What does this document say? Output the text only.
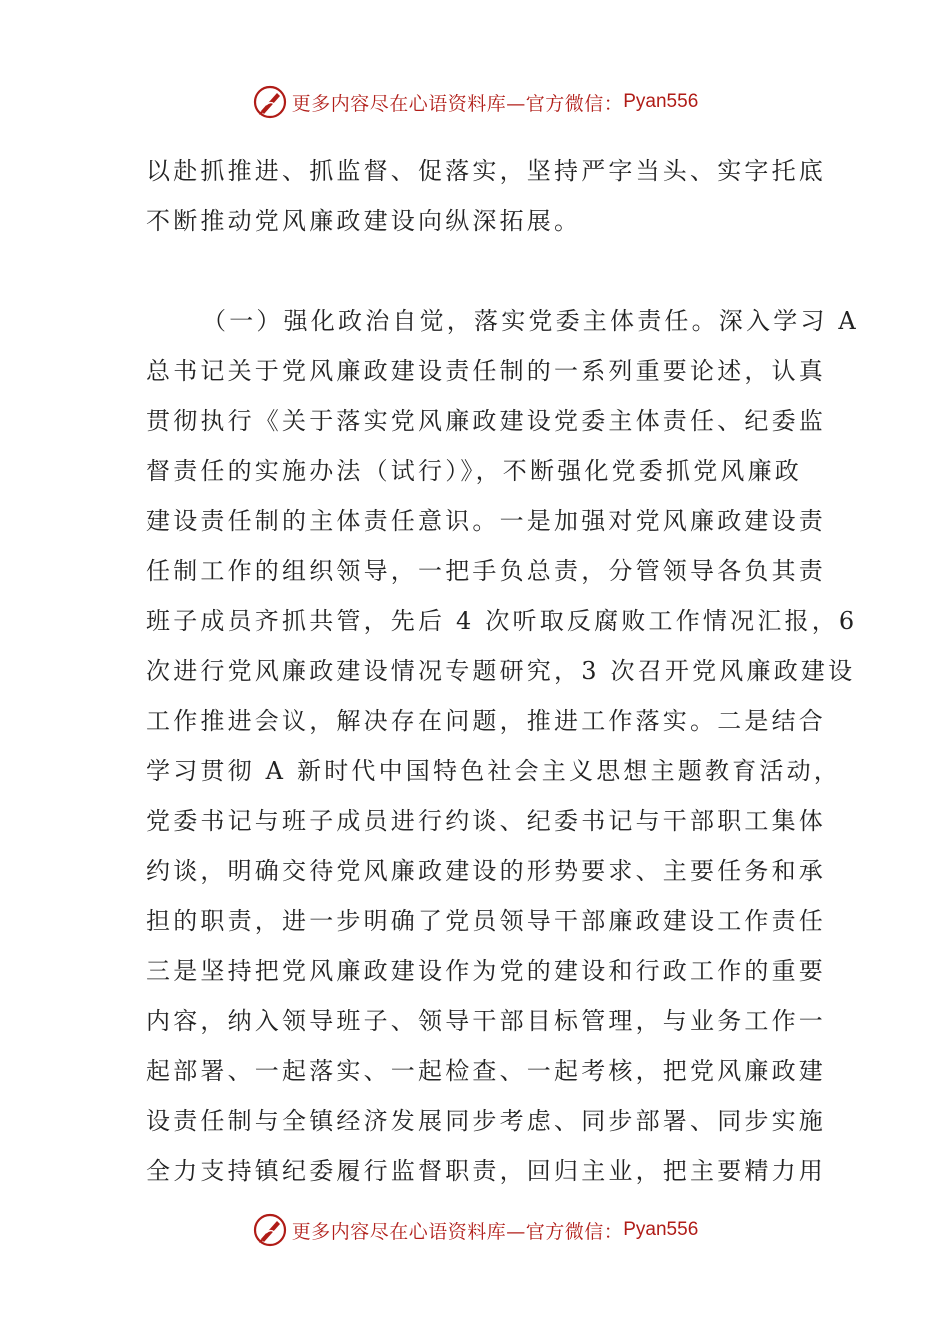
更多内容尽在心语资料库—官方微信： Pyan556
以赴抓推进、抓监督、促落实，坚持严字当头、实字托底
不断推动党风廉政建设向纵深拓展。
（一）强化政治自觉，落实党委主体责任。深入学习 A
总书记关于党风廉政建设责任制的一系列重要论述，认真
贯彻执行《关于落实党风廉政建设党委主体责任、纪委监
督责任的实施办法（试行）》，不断强化党委抓党风廉政
建设责任制的主体责任意识。一是加强对党风廉政建设责
任制工作的组织领导，一把手负总责，分管领导各负其责
班子成员齐抓共管，先后 4 次听取反腐败工作情况汇报，6
次进行党风廉政建设情况专题研究，3 次召开党风廉政建设
工作推进会议，解决存在问题，推进工作落实。二是结合
学习贯彻 A 新时代中国特色社会主义思想主题教育活动，
党委书记与班子成员进行约谈、纪委书记与干部职工集体
约谈，明确交待党风廉政建设的形势要求、主要任务和承
担的职责，进一步明确了党员领导干部廉政建设工作责任
三是坚持把党风廉政建设作为党的建设和行政工作的重要
内容，纳入领导班子、领导干部目标管理，与业务工作一
起部署、一起落实、一起检查、一起考核，把党风廉政建
设责任制与全镇经济发展同步考虑、同步部署、同步实施
全力支持镇纪委履行监督职责，回归主业，把主要精力用
更多内容尽在心语资料库—官方微信： Pyan556
